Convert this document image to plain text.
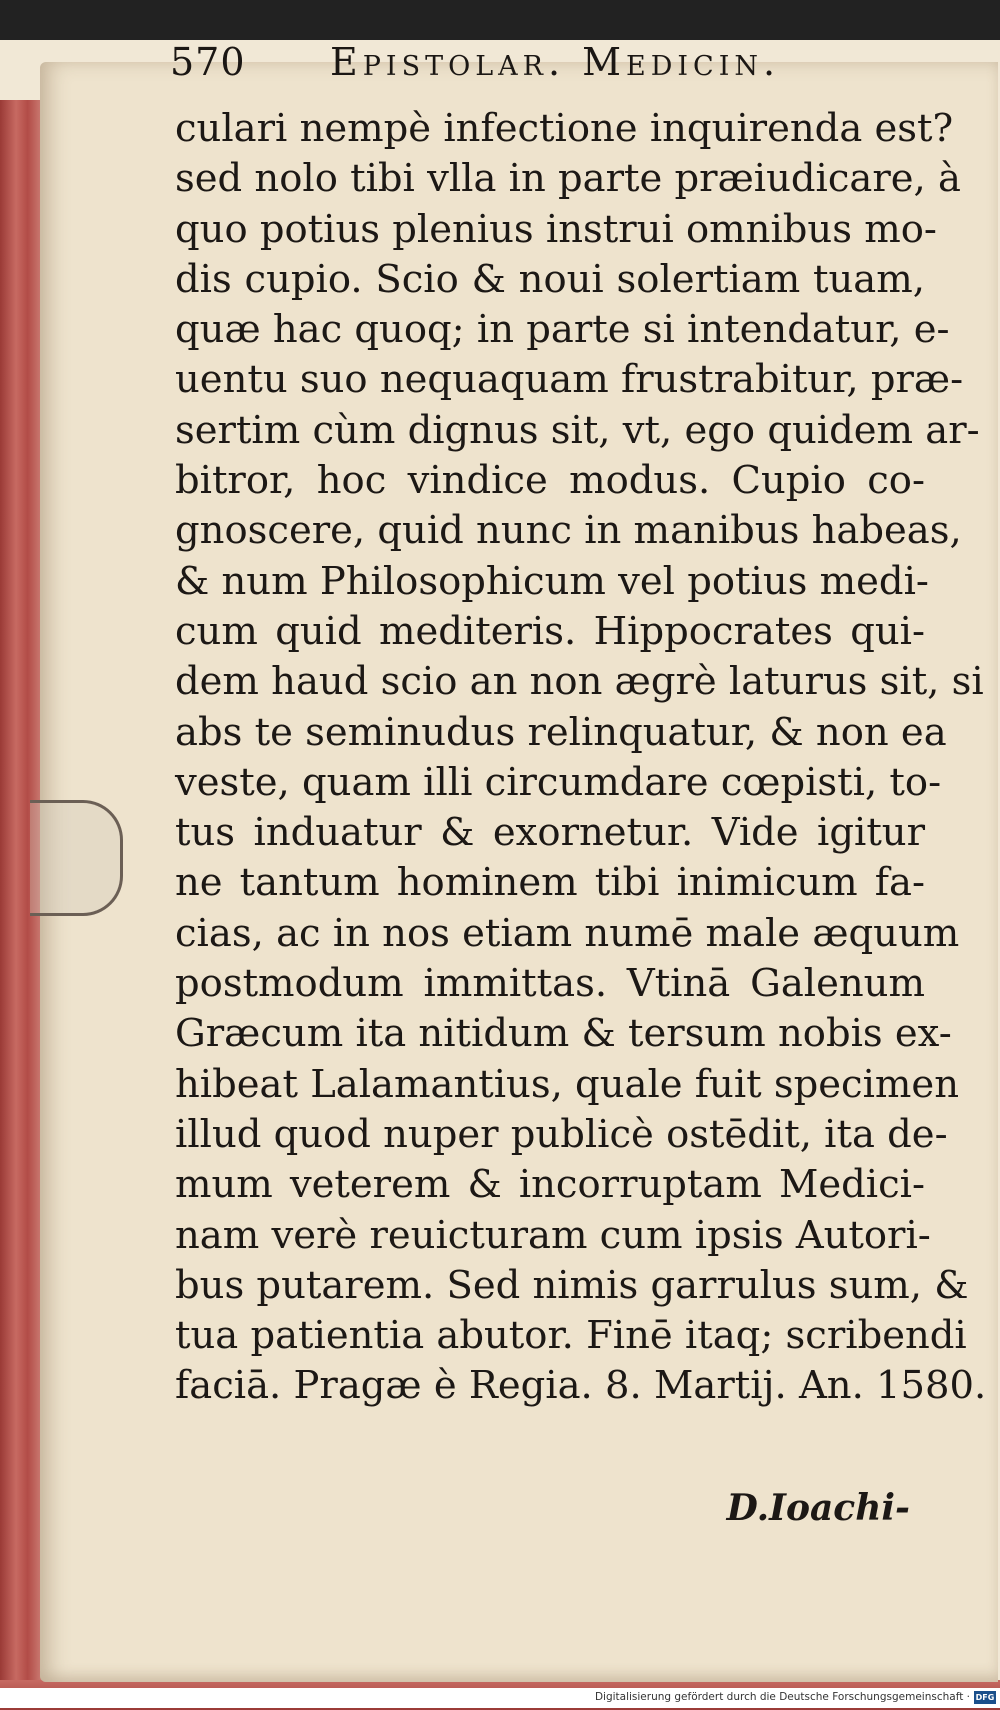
570 Epistolar. Medicin.
culari nempè infectione inquirenda est?
sed nolo tibi vlla in parte præiudicare, à
quo potius plenius instrui omnibus mo-
dis cupio. Scio & noui solertiam tuam,
quæ hac quoq; in parte si intendatur, e-
uentu suo nequaquam frustrabitur, præ-
sertim cùm dignus sit, vt, ego quidem ar-
bitror, hoc vindice modus. Cupio co-
gnoscere, quid nunc in manibus habeas,
& num Philosophicum vel potius medi-
cum quid mediteris. Hippocrates qui-
dem haud scio an non ægrè laturus sit, si
abs te seminudus relinquatur, & non ea
veste, quam illi circumdare cœpisti, to-
tus induatur & exornetur. Vide igitur
ne tantum hominem tibi inimicum fa-
cias, ac in nos etiam numē male æquum
postmodum immittas. Vtinā Galenum
Græcum ita nitidum & tersum nobis ex-
hibeat Lalamantius, quale fuit specimen
illud quod nuper publicè ostēdit, ita de-
mum veterem & incorruptam Medici-
nam verè reuicturam cum ipsis Autori-
bus putarem. Sed nimis garrulus sum, &
tua patientia abutor. Finē itaq; scribendi
faciā. Pragæ è Regia. 8. Martij. An. 1580.
D.Ioachi-
Digitalisierung gefördert durch die Deutsche Forschungsgemeinschaft · DFG
